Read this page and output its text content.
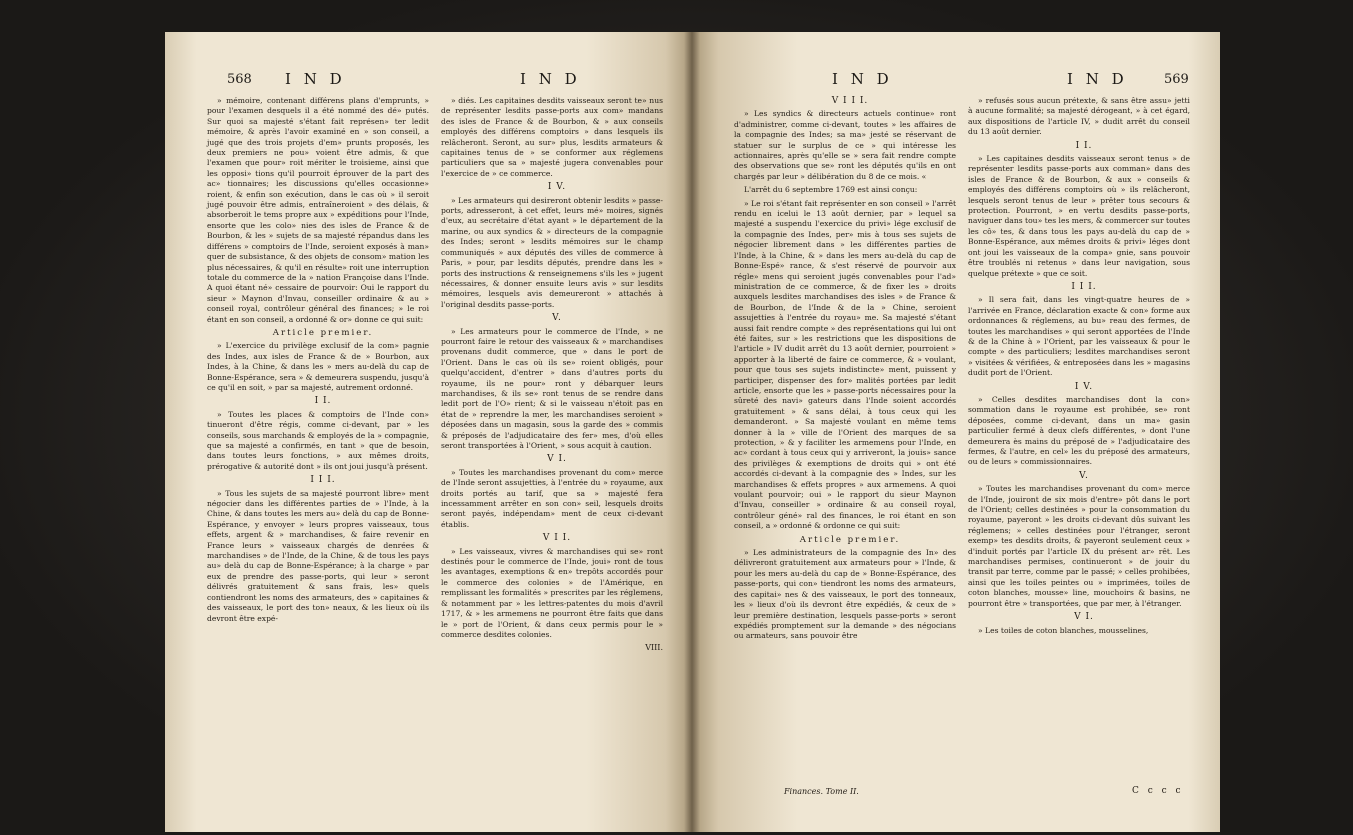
568 I N D	I N D

» mémoire, contenant différens plans d'emprunts, » pour l'examen desquels il a été nommé des dé» putés. Sur quoi sa majesté s'étant fait représen» ter ledit mémoire, & après l'avoir examiné en » son conseil, a jugé que des trois projets d'em» prunts proposés, les deux premiers ne pou» voient être admis, & que l'examen que pour» roit mériter le troisieme, ainsi que les opposi» tions qu'il pourroit éprouver de la part des ac» tionnaires; les discussions qu'elles occasionne» roient, & enfin son exécution, dans le cas où » il seroit jugé pouvoir être admis, entraîneroient » des délais, & absorberoit le tems propre aux » expéditions pour l'Inde, ensorte que les colo» nies des isles de France & de Bourbon, & les » sujets de sa majesté répandus dans les différens » comptoirs de l'Inde, seroient exposés à man» quer de subsistance, & des objets de consom» mation les plus nécessaires, & qu'il en résulte» roit une interruption totale du commerce de la » nation Françoise dans l'Inde. A quoi étant né» cessaire de pourvoir: Oui le rapport du sieur » Maynon d'Invau, conseiller ordinaire & au » conseil royal, contrôleur général des finances; » le roi étant en son conseil, a ordonné & or» donne ce qui suit:

Article premier.

» L'exercice du privilège exclusif de la com» pagnie des Indes, aux isles de France & de » Bourbon, aux Indes, à la Chine, & dans les » mers au-delà du cap de Bonne-Espérance, sera » & demeurera suspendu, jusqu'à ce qu'il en soit, » par sa majesté, autrement ordonné.

I I.

» Toutes les places & comptoirs de l'Inde con» tinueront d'être régis, comme ci-devant, par » les conseils, sous marchands & employés de la » compagnie, que sa majesté a confirmés, en tant » que de besoin, dans toutes leurs fonctions, » aux mêmes droits, prérogative & autorité dont » ils ont joui jusqu'à présent.

I I I.

» Tous les sujets de sa majesté pourront libre» ment négocier dans les différentes parties de » l'Inde, à la Chine, & dans toutes les mers au» delà du cap de Bonne-Espérance, y envoyer » leurs propres vaisseaux, tous effets, argent & » marchandises, & faire revenir en France leurs » vaisseaux chargés de denrées & marchandises » de l'Inde, de la Chine, & de tous les pays au» delà du cap de Bonne-Espérance; à la charge » par eux de prendre des passe-ports, qui leur » seront délivrés gratuitement & sans frais, les» quels contiendront les noms des armateurs, des » capitaines & des vaisseaux, le port des ton» neaux, & les lieux où ils devront être expé-

» diés. Les capitaines desdits vaisseaux seront te» nus de représenter lesdits passe-ports aux com» mandans des isles de France & de Bourbon, & » aux conseils employés des différens comptoirs » dans lesquels ils relâcheront. Seront, au sur» plus, lesdits armateurs & capitaines tenus de » se conformer aux réglemens particuliers que sa » majesté jugera convenables pour l'exercice de » ce commerce.

I V.

» Les armateurs qui desireront obtenir lesdits » passe-ports, adresseront, à cet effet, leurs mé» moires, signés d'eux, au secrétaire d'état ayant » le département de la marine, ou aux syndics & » directeurs de la compagnie des Indes; seront » lesdits mémoires sur le champ communiqués » aux députés des villes de commerce à Paris, » pour, par lesdits députés, prendre dans les » ports des instructions & renseignemens s'ils les » jugent nécessaires, & donner ensuite leurs avis » sur lesdits mémoires, lesquels avis demeureront » attachés à l'original desdits passe-ports.

V.

» Les armateurs pour le commerce de l'Inde, » ne pourront faire le retour des vaisseaux & » marchandises provenans dudit commerce, que » dans le port de l'Orient. Dans le cas où ils se» roient obligés, pour quelqu'accident, d'entrer » dans d'autres ports du royaume, ils ne pour» ront y débarquer leurs marchandises, & ils se» ront tenus de se rendre dans ledit port de l'O» rient; & si le vaisseau n'étoit pas en état de » reprendre la mer, les marchandises seroient » déposées dans un magasin, sous la garde des » commis & préposés de l'adjudicataire des fer» mes, d'où elles seront transportées à l'Orient, » sous acquit à caution.

V I.

» Toutes les marchandises provenant du com» merce de l'Inde seront assujetties, à l'entrée du » royaume, aux droits portés au tarif, que sa » majesté fera incessamment arrêter en son con» seil, lesquels droits seront payés, indépendam» ment de ceux ci-devant établis.

V I I.

» Les vaisseaux, vivres & marchandises qui se» ront destinés pour le commerce de l'Inde, joui» ront de tous les avantages, exemptions & en» trepôts accordés pour le commerce des colonies » de l'Amérique, en remplissant les formalités » prescrites par les réglemens, & notamment par » les lettres-patentes du mois d'avril 1717, & » les armemens ne pourront être faits que dans le » port de l'Orient, & dans ceux permis pour le » commerce desdites colonies.

VIII.

I N D	I N D	569

V I I I.

» Les syndics & directeurs actuels continue» ront d'administrer, comme ci-devant, toutes » les affaires de la compagnie des Indes; sa ma» jesté se réservant de statuer sur le surplus de ce » qui intéresse les actionnaires, après qu'elle se » sera fait rendre compte des observations que se» ront les députés qu'ils en ont chargés par leur » délibération du 8 de ce mois. «

L'arrêt du 6 septembre 1769 est ainsi conçu:

» Le roi s'étant fait représenter en son conseil » l'arrêt rendu en icelui le 13 août dernier, par » lequel sa majesté a suspendu l'exercice du privi» lége exclusif de la compagnie des Indes, per» mis à tous ses sujets de négocier librement dans » les différentes parties de l'Inde, à la Chine, & » dans les mers au-delà du cap de Bonne-Espé» rance, & s'est réservé de pourvoir aux régle» mens qui seroient jugés convenables pour l'ad» ministration de ce commerce, & de fixer les » droits auxquels lesdites marchandises des isles » de France & de Bourbon, de l'Inde & de la » Chine, seroient assujetties à l'entrée du royau» me. Sa majesté s'étant aussi fait rendre compte » des représentations qui lui ont été faites, sur » les restrictions que les dispositions de l'article » IV dudit arrêt du 13 août dernier, pourroient » apporter à la liberté de faire ce commerce, & » voulant, pour que tous ses sujets indistincte» ment, puissent y participer, dispenser des for» malités portées par ledit article, ensorte que les » passe-ports nécessaires pour la sûreté des navi» gateurs dans l'Inde soient accordés gratuitement » & sans délai, à tous ceux qui les demanderont. » Sa majesté voulant en même tems donner à la » ville de l'Orient des marques de sa protection, » & y faciliter les armemens pour l'Inde, en ac» cordant à tous ceux qui y arriveront, la jouis» sance des privilèges & exemptions de droits qui » ont été accordés ci-devant à la compagnie des » Indes, sur les marchandises & effets propres » aux armemens. A quoi voulant pourvoir; oui » le rapport du sieur Maynon d'Invau, conseiller » ordinaire & au conseil royal, contrôleur géné» ral des finances, le roi étant en son conseil, a » ordonné & ordonne ce qui suit:

Article premier.

» Les administrateurs de la compagnie des In» des délivreront gratuitement aux armateurs pour » l'Inde, & pour les mers au-delà du cap de » Bonne-Espérance, des passe-ports, qui con» tiendront les noms des armateurs, des capitai» nes & des vaisseaux, le port des tonneaux, les » lieux d'où ils devront être expédiés, & ceux de » leur première destination, lesquels passe-ports » seront expédiés promptement sur la demande » des négocians ou armateurs, sans pouvoir être

» refusés sous aucun prétexte, & sans être assu» jetti à aucune formalité; sa majesté dérogeant, » à cet égard, aux dispositions de l'article IV, » dudit arrêt du conseil du 13 août dernier.

I I.

» Les capitaines desdits vaisseaux seront tenus » de représenter lesdits passe-ports aux comman» dans des isles de France & de Bourbon, & aux » conseils & employés des différens comptoirs où » ils relâcheront, lesquels seront tenus de leur » prêter tous secours & protection. Pourront, » en vertu desdits passe-ports, naviguer dans tou» tes les mers, & commercer sur toutes les cô» tes, & dans tous les pays au-delà du cap de » Bonne-Espérance, aux mêmes droits & privi» léges dont ont joui les vaisseaux de la compa» gnie, sans pouvoir être troublés ni retenus » dans leur navigation, sous quelque prétexte » que ce soit.

I I I.

» Il sera fait, dans les vingt-quatre heures de » l'arrivée en France, déclaration exacte & con» forme aux ordonnances & réglemens, au bu» reau des fermes, de toutes les marchandises » qui seront apportées de l'Inde & de la Chine à » l'Orient, par les vaisseaux & pour le compte » des particuliers; lesdites marchandises seront » visitées & vérifiées, & entreposées dans les » magasins dudit port de l'Orient.

I V.

» Celles desdites marchandises dont la con» sommation dans le royaume est prohibée, se» ront déposées, comme ci-devant, dans un ma» gasin particulier fermé à deux clefs différentes, » dont l'une demeurera ès mains du préposé de » l'adjudicataire des fermes, & l'autre, en cel» les du préposé des armateurs, ou de leurs » commissionnaires.

V.

» Toutes les marchandises provenant du com» merce de l'Inde, jouiront de six mois d'entre» pôt dans le port de l'Orient; celles destinées » pour la consommation du royaume, payeront » les droits ci-devant dûs suivant les réglemens; » celles destinées pour l'étranger, seront exemp» tes desdits droits, & payeront seulement ceux » d'induit portés par l'article IX du présent ar» rêt. Les marchandises permises, continueront » de jouir du transit par terre, comme par le passé; » celles prohibées, ainsi que les toiles peintes ou » imprimées, toiles de coton blanches, mousse» line, mouchoirs & basins, ne pourront être » transportées, que par mer, à l'étranger.

V I.

» Les toiles de coton blanches, mousselines,

Finances. Tome II.	C c c c
